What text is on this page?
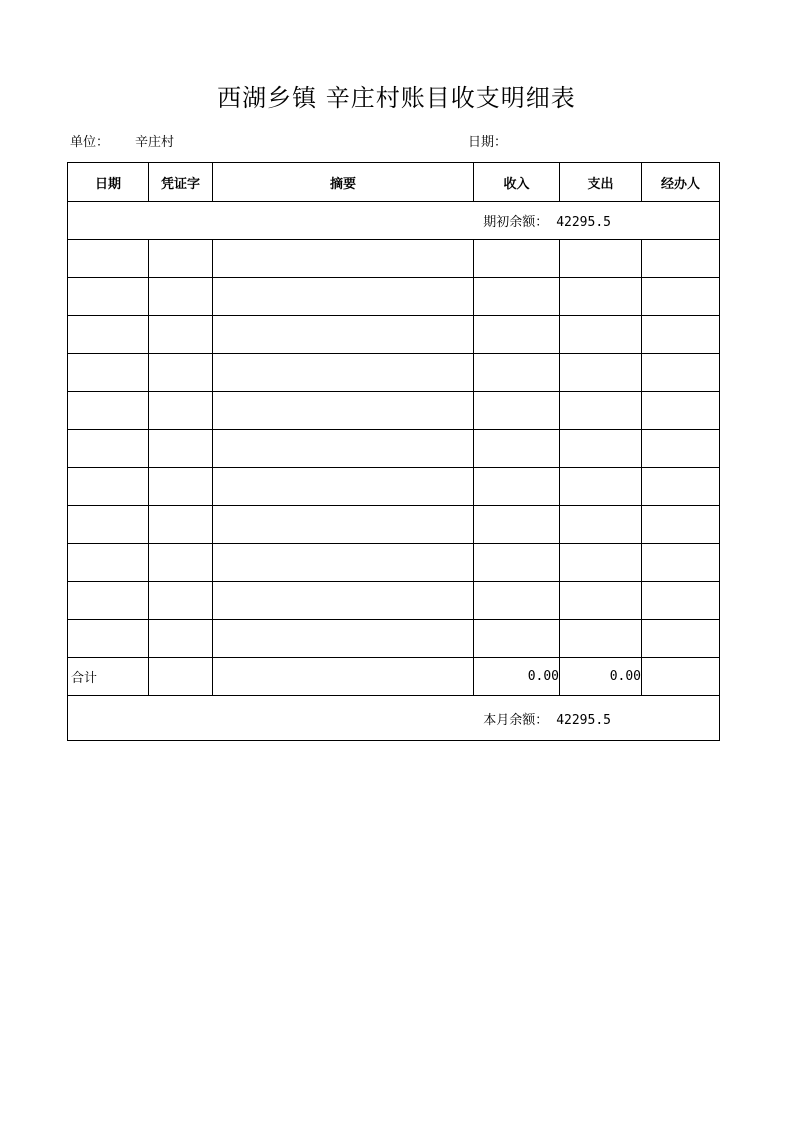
西湖乡镇 辛庄村账目收支明细表
单位： 辛庄村	日期：
日期	凭证字	摘要	收入	支出	经办人
期初余额： 42295.5					

合计			0.00	0.00	
本月余额： 42295.5					
